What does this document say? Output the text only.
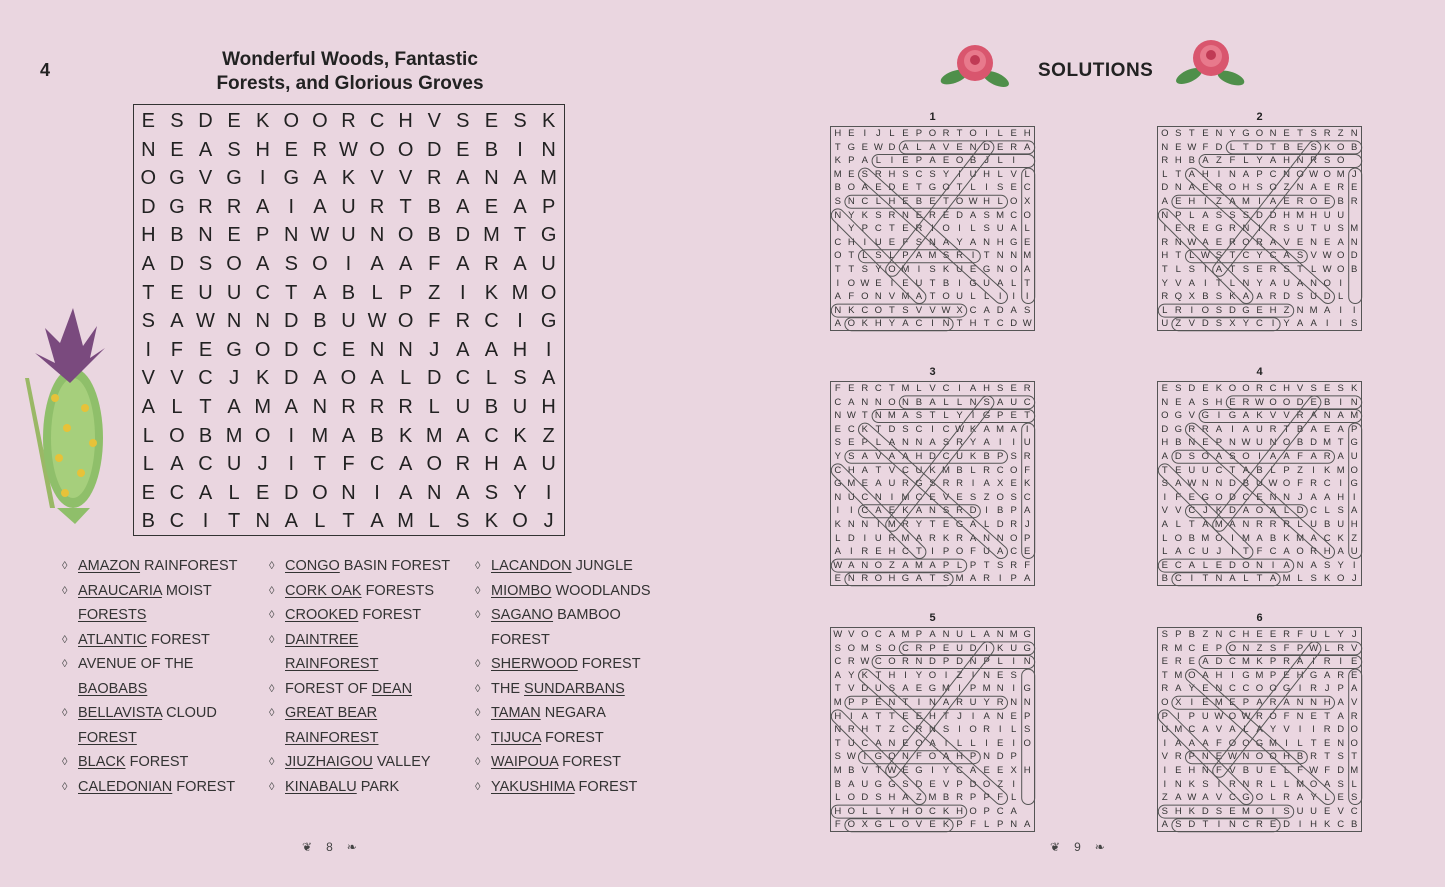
4	Wonderful Woods, Fantastic
Forests, and Glorious Groves
E S D E K O O R C H V S E S K
N E A S H E R W O O D E B I N
O G V G I G A K V V R A N A M
D G R R A I A U R T B A E A P
H B N E P N W U N O B D M T G
A D S O A S O I A A F A R A U
T E U U C T A B L P Z I K M O
S A W N N D B U W O F R C I G
I F E G O D C E N N J A A H I
V V C J K D A O A L D C L S A
A L T A M A N R R R L U B U H
L O B M O I M A B K M A C K Z
L A C U J	I T F C A O R H A U
E C A L E D O N I A N A S Y I
B C I T N A L T A M L S K O J
◊ AMAZON RAINFOREST
◊ ARAUCARIA MOIST
FORESTS
◊ ATLANTIC FOREST
◊ AVENUE OF THE
BAOBABS
◊ BELLAVISTA CLOUD
FOREST
◊ BLACK FOREST
◊ CALEDONIAN FOREST
◊ CONGO BASIN FOREST
◊ CORK OAK FORESTS
◊ CROOKED FOREST
◊ DAINTREE
RAINFOREST
◊ FOREST OF DEAN
◊ GREAT BEAR
RAINFOREST
◊ JIUZHAIGOU VALLEY
◊ KINABALU PARK
◊ LACANDON JUNGLE
◊ MIOMBO WOODLANDS
◊ SAGANO BAMBOO
FOREST
◊ SHERWOOD FOREST
◊ THE SUNDARBANS
◊ TAMAN NEGARA
◊ TIJUCA FOREST
◊ WAIPOUA FOREST
◊ YAKUSHIMA FOREST
❦ 8 ❧
SOLUTIONS
1
H E I	J L E P O R T O I	L E H
T G E W D A L A V E N D E R A
K P A L	I E P A E O B J L	I
M E S R H S C S Y I U H L V L
B O A E D E T G O T L	I S E C
S N C L H E B E T O W H L O X
N Y K S R N E R E D A S M C O
I Y P C T E R I O I	L S U A L
C H I U E F S N A Y A N H G E
O T L S L P A M S R I T N N M
T T S Y O M I S K U E G N O A
I O W E I E U T B I G U A L T
A F O N V M A T O U L L	I	I	I
N K C O T S V V W X C A D A S
A O K H Y A C I N T H T C D W
2
O S T E N Y G O N E T S R Z N
N E W F D L T D T B E S K O B
R H B A Z F L Y A H N R S O
L T A H I N A P C N O W O M J
D N A E R O H S O Z N A E R E
A E H I Z A M I A E R O E B R
N P L A S S S D D H M H U U
I E R E G R N I R S U T U S M
R N W A E R O R A V E N E A N
H T L W S T C Y C A S V W O D
T L S I A T S E R S T L W O B
Y V A I T L N Y A U A N O I
R Q X B S K A A R D S U D L
L R I O S D G E H Z N M A I	I
U Z V D S X Y C I Y A A I	I S
3
F E R C T M L V C I A H S E R
C A N N O N B A L L N S A U C
N W T N M A S T L Y I G P E T
E C K T D S C I C W K A M A I
S E P L A N N A S R Y A I	I U
Y S A V A A H D C U K B P S R
C H A T V C U K M B L R C O F
G M E A U R G S R R I A X E K
N U C N I M C E V E S Z O S C
I	I C A E K A N S R D I B P A
K N N I M R Y T E G A L D R J
L D I U R M A R K R A N N O P
A I R E H C T I P O F U A C E
W A N O Z A M A P L P T S R F
E N R O H G A T S M A R I P A
4
E S D E K O O R C H V S E S K
N E A S H E R W O O D E B I N
O G V G I G A K V V R A N A M
D G R R A I A U R T B A E A P
H B N E P N W U N O B D M T G
A D S O A S O I A A F A R A U
T E U U C T A B L P Z I K M O
S A W N N D B U W O F R C I G
I F E G O D C E N N J A A H I
V V C J K D A O A L D C L S A
A L T A M A N R R R L U B U H
L O B M O I M A B K M A C K Z
L A C U J	I T F C A O R H A U
E C A L E D O N I A N A S Y I
B C I T N A L T A M L S K O J
5
W V O C A M P A N U L A N M G
S O M S O C R P E U D I K U G
C R W C O R N D P D N P L	I N
A Y K T H I Y O I Z I N E S
T V D U S A E G M I P M N I G
M P P E N T I N A R U Y R N N
H I A T T E E H T J	I A N E P
N R H T Z C R N S I O R I	L S
T U C A N E O A I	L L	I E I O
S W I G O N F O A H P N D P
M B V T W E G I Y C A E E X H
B A U G G S D E V P D O Z I
L O D S H A Z M B R P P F L
H O L L Y H O C K H O P C A
F O X G L O V E K P F L P N A
6
S P B Z N C H E E R F U L Y J
R M C E P O N Z S F P W L R V
E R E A D C M K P R A I R I E
T M O A H I G M P E H G A R E
R A Y E N C C O O G I R J P A
O X I E M E P A R A N N H A V
P I P U W O W R O F N E T A R
U M C A V A L A Y V I	I R D O
I A A A F O O G M I	L T E N O
V R P N E W N O O H B R T S T
I E H N F V B U E L F W F D M
I N K S I R N R L L M O A S L
Z A W A V C G O L R A Y L E S
S H K D S E M O I S U U E V C
A S D T I N C R E D I H K C B
❦ 9 ❧
